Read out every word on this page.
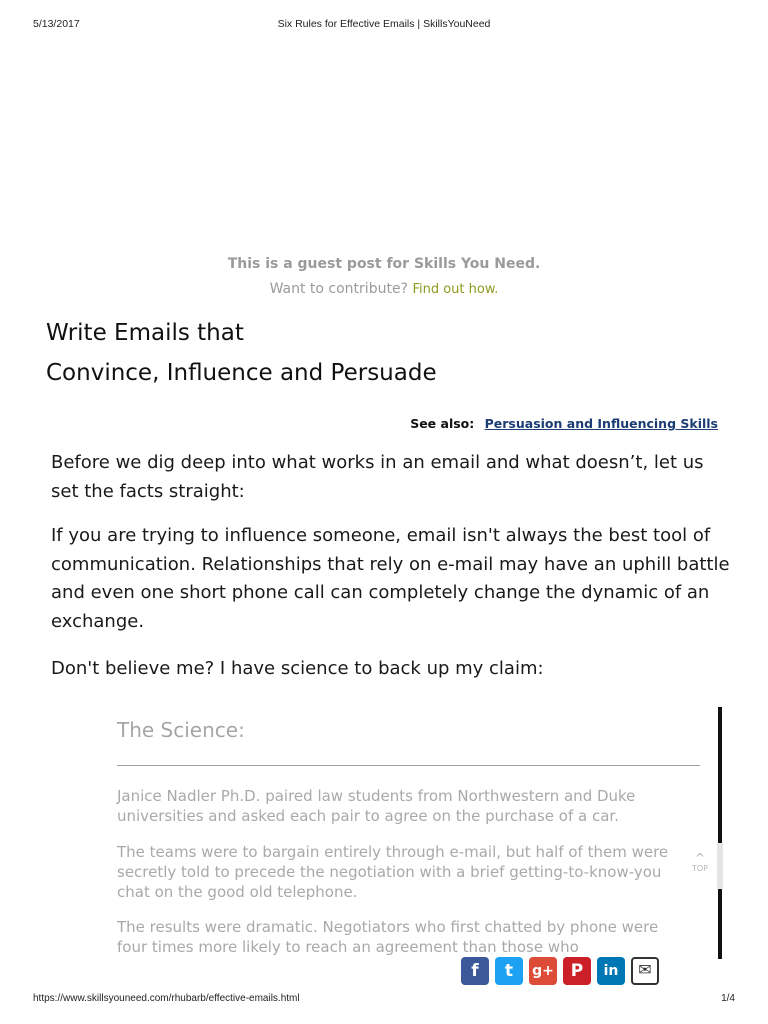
5/13/2017	Six Rules for Effective Emails | SkillsYouNeed
This is a guest post for Skills You Need.
Want to contribute? Find out how.
Write Emails that
Convince, Influence and Persuade
See also: Persuasion and Influencing Skills
Before we dig deep into what works in an email and what doesn’t, let us set the facts straight:
If you are trying to influence someone, email isn't always the best tool of communication. Relationships that rely on e-mail may have an uphill battle and even one short phone call can completely change the dynamic of an exchange.
Don't believe me? I have science to back up my claim:
The Science:
Janice Nadler Ph.D. paired law students from Northwestern and Duke universities and asked each pair to agree on the purchase of a car.
The teams were to bargain entirely through e-mail, but half of them were secretly told to precede the negotiation with a brief getting-to-know-you chat on the good old telephone.
The results were dramatic. Negotiators who first chatted by phone were four times more likely to reach an agreement than those who
^
TOP
f t g+ P in ✉
https://www.skillsyouneed.com/rhubarb/effective-emails.html	1/4
